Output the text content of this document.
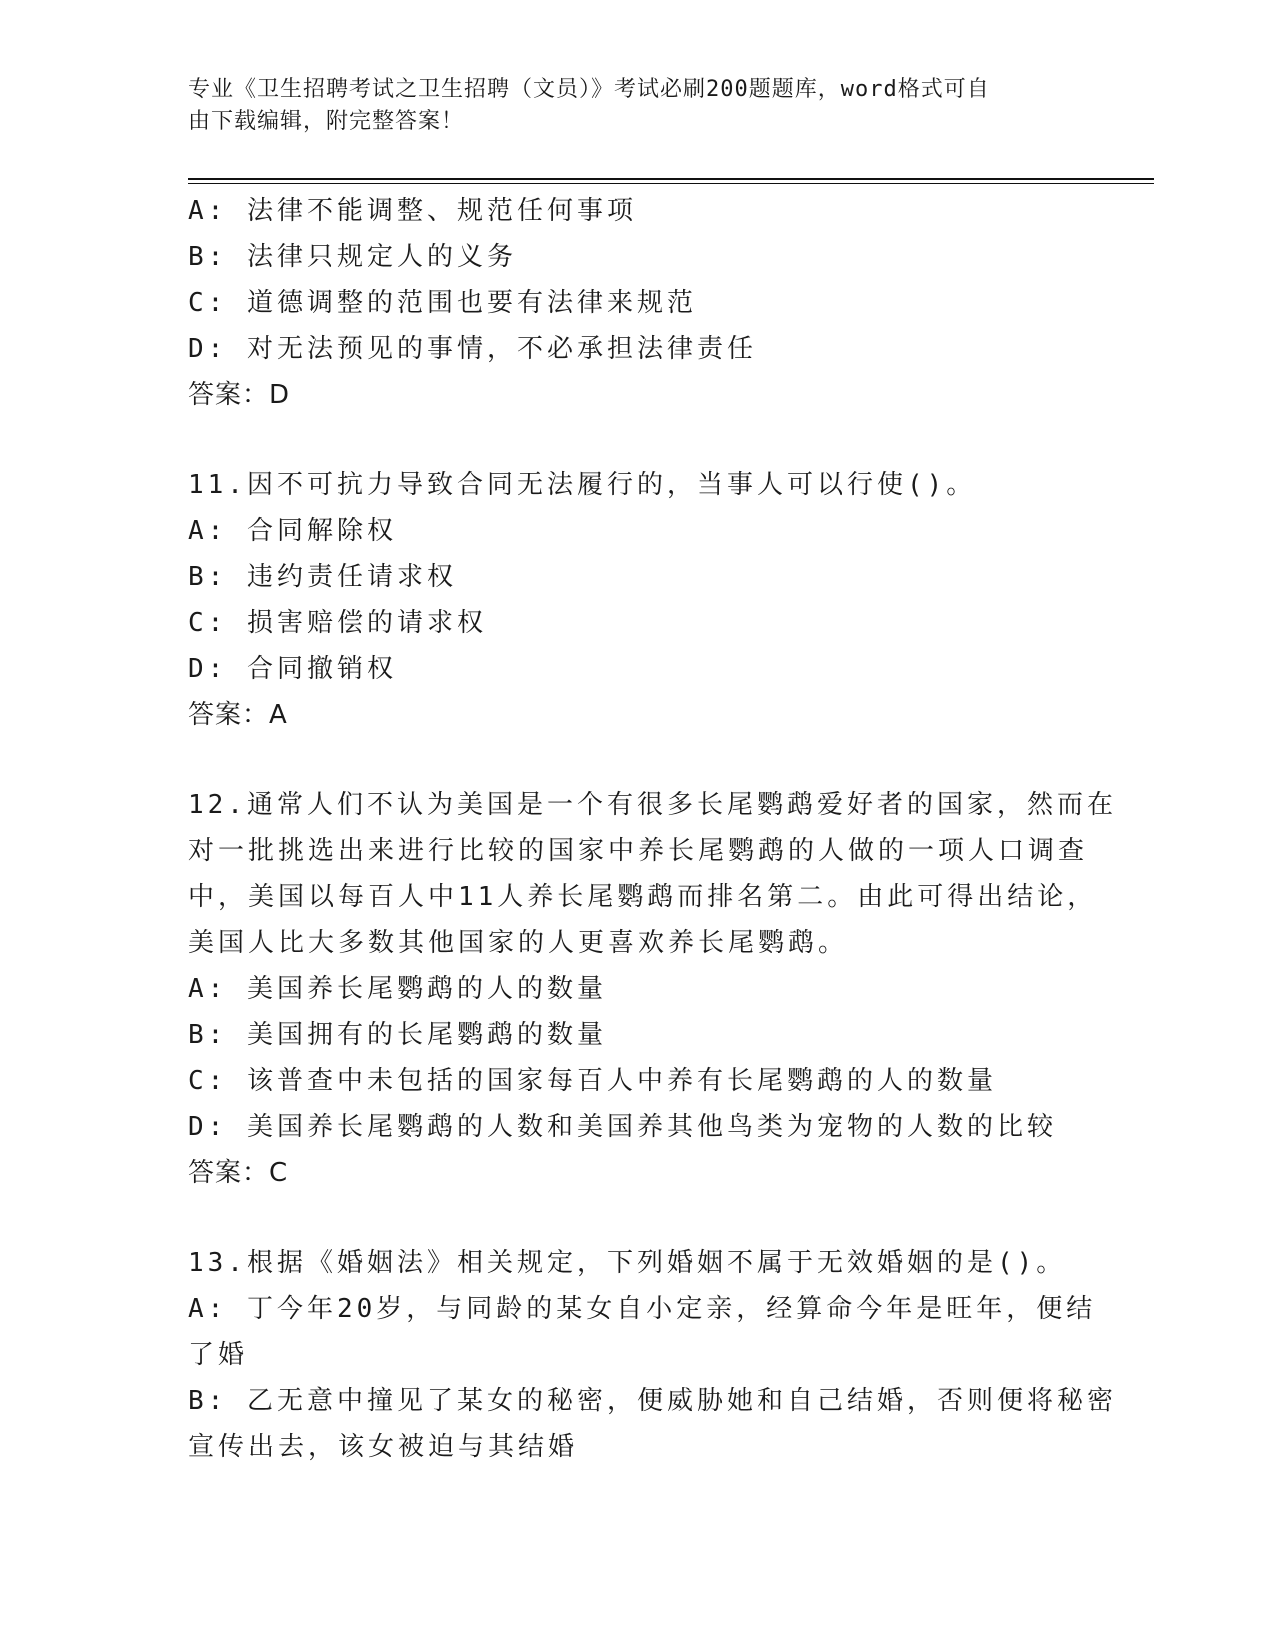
专业《卫生招聘考试之卫生招聘（文员）》考试必刷200题题库，word格式可自
由下载编辑，附完整答案！
A: 法律不能调整、规范任何事项
B: 法律只规定人的义务
C: 道德调整的范围也要有法律来规范
D: 对无法预见的事情，不必承担法律责任
答案：D
11.因不可抗力导致合同无法履行的，当事人可以行使()。
A: 合同解除权
B: 违约责任请求权
C: 损害赔偿的请求权
D: 合同撤销权
答案：A
12.通常人们不认为美国是一个有很多长尾鹦鹉爱好者的国家，然而在
对一批挑选出来进行比较的国家中养长尾鹦鹉的人做的一项人口调查
中，美国以每百人中11人养长尾鹦鹉而排名第二。由此可得出结论，
美国人比大多数其他国家的人更喜欢养长尾鹦鹉。
A: 美国养长尾鹦鹉的人的数量
B: 美国拥有的长尾鹦鹉的数量
C: 该普查中未包括的国家每百人中养有长尾鹦鹉的人的数量
D: 美国养长尾鹦鹉的人数和美国养其他鸟类为宠物的人数的比较
答案：C
13.根据《婚姻法》相关规定，下列婚姻不属于无效婚姻的是()。
A: 丁今年20岁，与同龄的某女自小定亲，经算命今年是旺年，便结
了婚
B: 乙无意中撞见了某女的秘密，便威胁她和自己结婚，否则便将秘密
宣传出去，该女被迫与其结婚
